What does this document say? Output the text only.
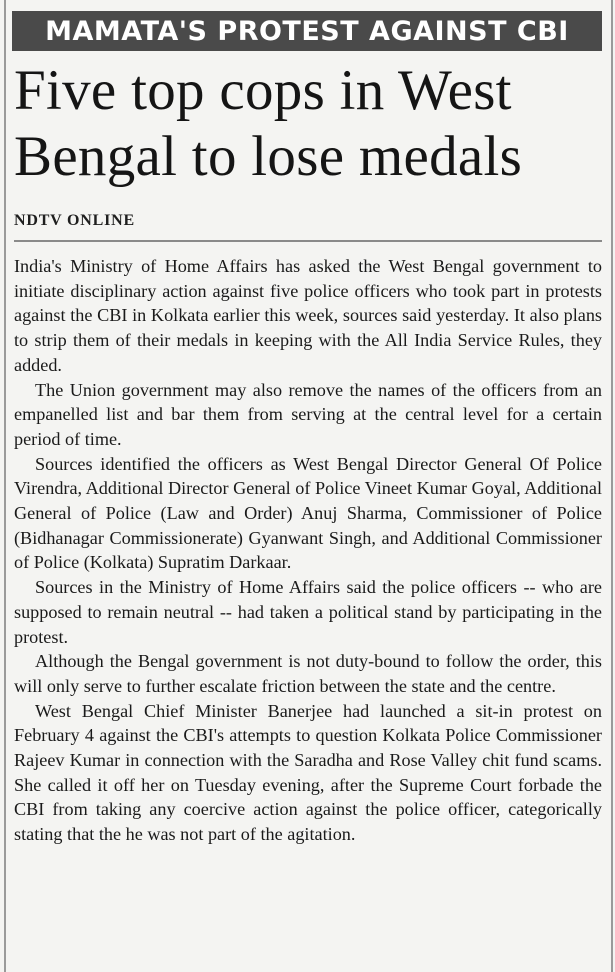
MAMATA'S PROTEST AGAINST CBI
Five top cops in West Bengal to lose medals
NDTV ONLINE

India's Ministry of Home Affairs has asked the West Bengal government to initiate disciplinary action against five police officers who took part in protests against the CBI in Kolkata earlier this week, sources said yesterday. It also plans to strip them of their medals in keeping with the All India Service Rules, they added.

The Union government may also remove the names of the officers from an empanelled list and bar them from serving at the central level for a certain period of time.

Sources identified the officers as West Bengal Director General Of Police Virendra, Additional Director General of Police Vineet Kumar Goyal, Additional General of Police (Law and Order) Anuj Sharma, Commissioner of Police (Bidhanagar Commissionerate) Gyanwant Singh, and Additional Commissioner of Police (Kolkata) Supratim Darkaar.

Sources in the Ministry of Home Affairs said the police officers -- who are supposed to remain neutral -- had taken a political stand by participating in the protest.

Although the Bengal government is not duty-bound to follow the order, this will only serve to further escalate friction between the state and the centre.

West Bengal Chief Minister Banerjee had launched a sit-in protest on February 4 against the CBI's attempts to question Kolkata Police Commissioner Rajeev Kumar in connection with the Saradha and Rose Valley chit fund scams. She called it off her on Tuesday evening, after the Supreme Court forbade the CBI from taking any coercive action against the police officer, categorically stating that the he was not part of the agitation.
